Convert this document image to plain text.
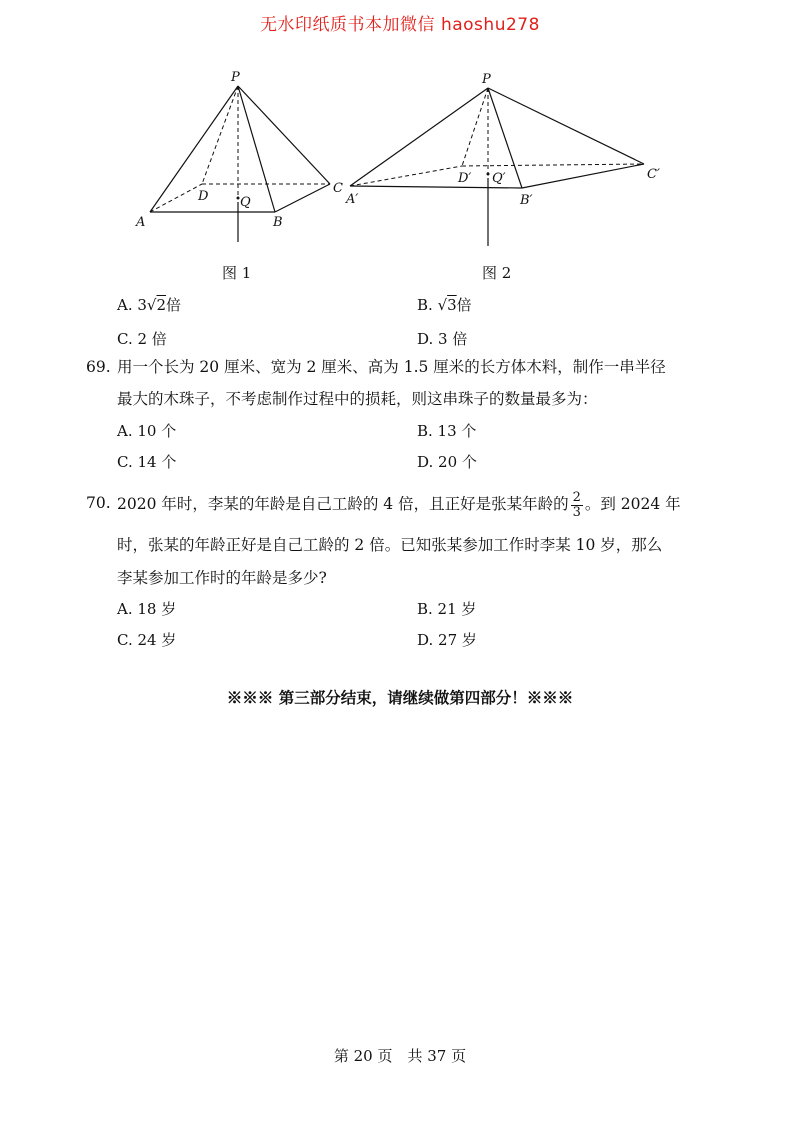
无水印纸质书本加微信 haoshu278
P
A	B
C
D Q
P
A′	B′
C′
D′ Q′
图 1	图 2
A. 3√2倍	B. √3倍
C. 2 倍	D. 3 倍
69. 用一个长为 20 厘米、宽为 2 厘米、高为 1.5 厘米的长方体木料，制作一串半径
最大的木珠子，不考虑制作过程中的损耗，则这串珠子的数量最多为：
A. 10 个	B. 13 个
C. 14 个	D. 20 个
70. 2020 年时，李某的年龄是自己工龄的 4 倍，且正好是张某年龄的 $\frac{2}{3}$ 。到 2024 年
时，张某的年龄正好是自己工龄的 2 倍。已知张某参加工作时李某 10 岁，那么
李某参加工作时的年龄是多少?
A. 18 岁	B. 21 岁
C. 24 岁	D. 27 岁
※※※ 第三部分结束，请继续做第四部分！※※※
第 20 页　共 37 页
